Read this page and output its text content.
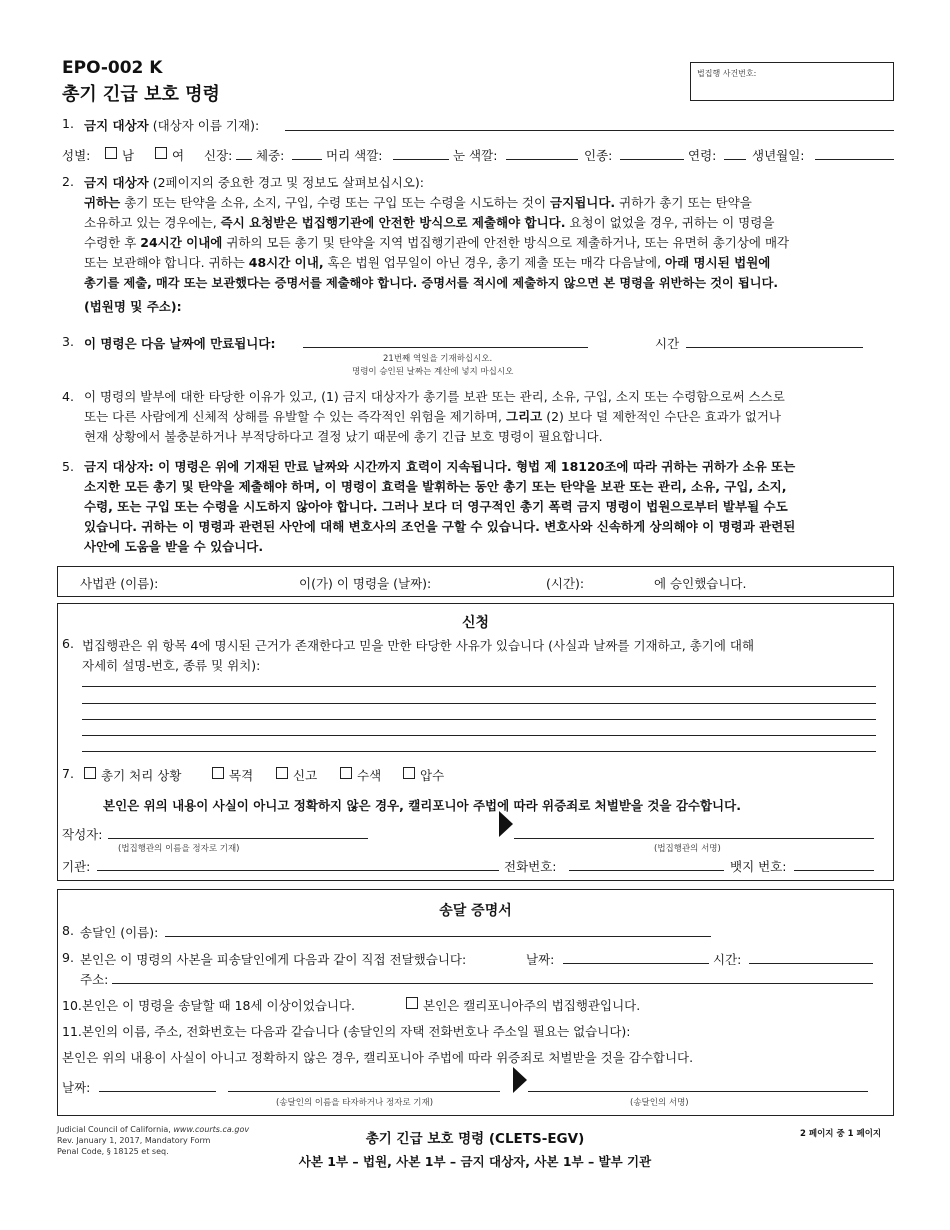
EPO-002 K
총기 긴급 보호 명령
법집행 사건번호:
1. 금지 대상자 (대상자 이름 기재):
성별:	남	여 신장: 체중:	머리 색깔:	눈 색깔:	인종:	연령:	생년월일:
2. 금지 대상자 (2페이지의 중요한 경고 및 정보도 살펴보십시오):
귀하는 총기 또는 탄약을 소유, 소지, 구입, 수령 또는 구입 또는 수령을 시도하는 것이 금지됩니다. 귀하가 총기 또는 탄약을
소유하고 있는 경우에는, 즉시 요청받은 법집행기관에 안전한 방식으로 제출해야 합니다. 요청이 없었을 경우, 귀하는 이 명령을
수령한 후 24시간 이내에 귀하의 모든 총기 및 탄약을 지역 법집행기관에 안전한 방식으로 제출하거나, 또는 유면허 총기상에 매각
또는 보관해야 합니다. 귀하는 48시간 이내, 혹은 법원 업무일이 아닌 경우, 총기 제출 또는 매각 다음날에, 아래 명시된 법원에
총기를 제출, 매각 또는 보관했다는 증명서를 제출해야 합니다. 증명서를 적시에 제출하지 않으면 본 명령을 위반하는 것이 됩니다.
(법원명 및 주소):
3. 이 명령은 다음 날짜에 만료됩니다:	시간
21번째 역일을 기재하십시오.
명령이 승인된 날짜는 계산에 넣지 마십시오
4. 이 명령의 발부에 대한 타당한 이유가 있고, (1) 금지 대상자가 총기를 보관 또는 관리, 소유, 구입, 소지 또는 수령함으로써 스스로
또는 다른 사람에게 신체적 상해를 유발할 수 있는 즉각적인 위험을 제기하며, 그리고 (2) 보다 덜 제한적인 수단은 효과가 없거나
현재 상황에서 불충분하거나 부적당하다고 결정 났기 때문에 총기 긴급 보호 명령이 필요합니다.
5. 금지 대상자: 이 명령은 위에 기재된 만료 날짜와 시간까지 효력이 지속됩니다. 형법 제 18120조에 따라 귀하는 귀하가 소유 또는
소지한 모든 총기 및 탄약을 제출해야 하며, 이 명령이 효력을 발휘하는 동안 총기 또는 탄약을 보관 또는 관리, 소유, 구입, 소지,
수령, 또는 구입 또는 수령을 시도하지 않아야 합니다. 그러나 보다 더 영구적인 총기 폭력 금지 명령이 법원으로부터 발부될 수도
있습니다. 귀하는 이 명령과 관련된 사안에 대해 변호사의 조언을 구할 수 있습니다. 변호사와 신속하게 상의해야 이 명령과 관련된
사안에 도움을 받을 수 있습니다.
사법관 (이름):	이(가) 이 명령을 (날짜):	(시간):	에 승인했습니다.
신청
6. 법집행관은 위 항목 4에 명시된 근거가 존재한다고 믿을 만한 타당한 사유가 있습니다 (사실과 날짜를 기재하고, 총기에 대해
자세히 설명-번호, 종류 및 위치):
7. 총기 처리 상황	목격	신고	수색	압수
본인은 위의 내용이 사실이 아니고 정확하지 않은 경우, 캘리포니아 주법에 따라 위증죄로 처벌받을 것을 감수합니다.
작성자:
(법집행관의 이름을 정자로 기재)	(법집행관의 서명)
기관:	전화번호:	뱃지 번호:
송달 증명서
8. 송달인 (이름):
9. 본인은 이 명령의 사본을 피송달인에게 다음과 같이 직접 전달했습니다:	날짜:	시간:
주소:
10.본인은 이 명령을 송달할 때 18세 이상이었습니다.	본인은 캘리포니아주의 법집행관입니다.
11.본인의 이름, 주소, 전화번호는 다음과 같습니다 (송달인의 자택 전화번호나 주소일 필요는 없습니다):
본인은 위의 내용이 사실이 아니고 정확하지 않은 경우, 캘리포니아 주법에 따라 위증죄로 처벌받을 것을 감수합니다.
날짜:
(송달인의 이름을 타자하거나 정자로 기재)	(송달인의 서명)
Judicial Council of California, www.courts.ca.gov
Rev. January 1, 2017, Mandatory Form
Penal Code, § 18125 et seq.
총기 긴급 보호 명령 (CLETS-EGV)
사본 1부 – 법원, 사본 1부 – 금지 대상자, 사본 1부 – 발부 기관
2 페이지 중 1 페이지
